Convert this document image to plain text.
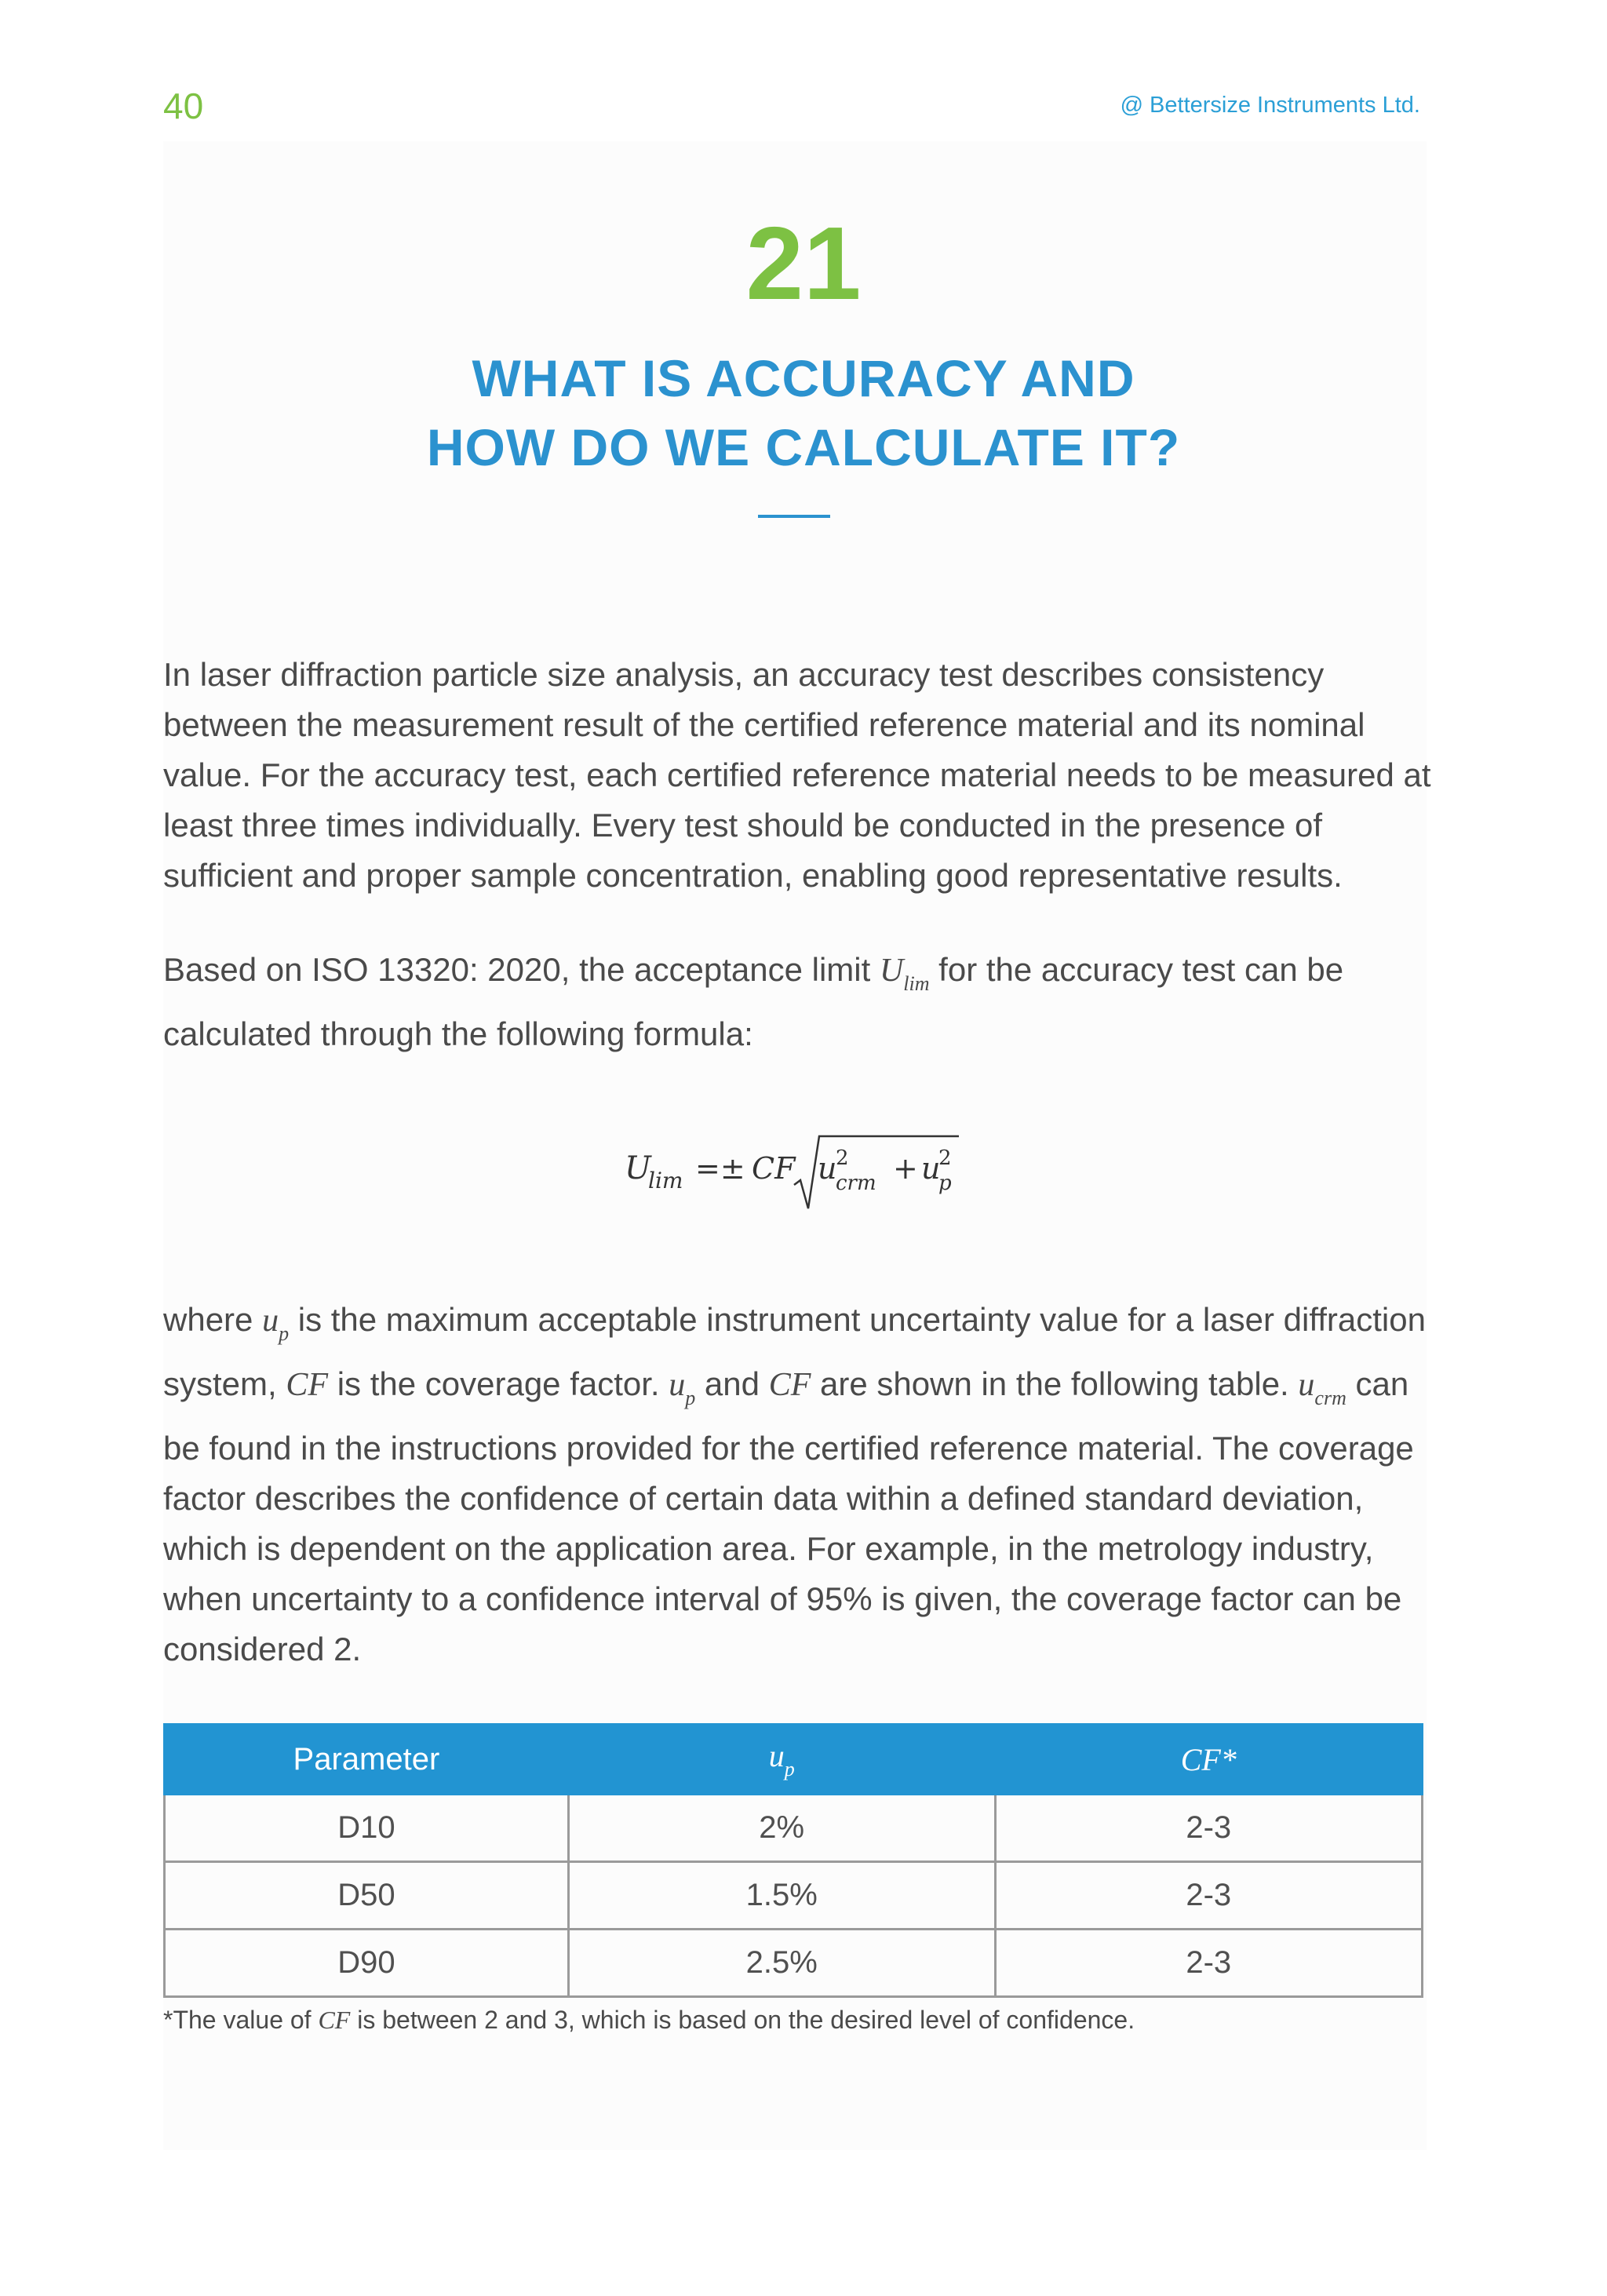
40	@ Bettersize Instruments Ltd.
21
WHAT IS ACCURACY AND
HOW DO WE CALCULATE IT?

In laser diffraction particle size analysis, an accuracy test describes consistency between the measurement result of the certified reference material and its nominal value. For the accuracy test, each certified reference material needs to be measured at least three times individually. Every test should be conducted in the presence of sufficient and proper sample concentration, enabling good representative results.

Based on ISO 13320: 2020, the acceptance limit $U_{lim}$ for the accuracy test can be calculated through the following formula:

U
lim =± CF u
2
crm + u
2
p

where $u_p$ is the maximum acceptable instrument uncertainty value for a laser diffraction system, CF is the coverage factor. $u_p$ and CF are shown in the following table. $u_{crm}$ can be found in the instructions provided for the certified reference material. The coverage factor describes the confidence of certain data within a defined standard deviation, which is dependent on the application area. For example, in the metrology industry, when uncertainty to a confidence interval of 95% is given, the coverage factor can be considered 2.

Parameter	$u_p$	CF*
D10	2%	2-3
D50	1.5%	2-3
D90	2.5%	2-3
*The value of CF is between 2 and 3, which is based on the desired level of confidence.
